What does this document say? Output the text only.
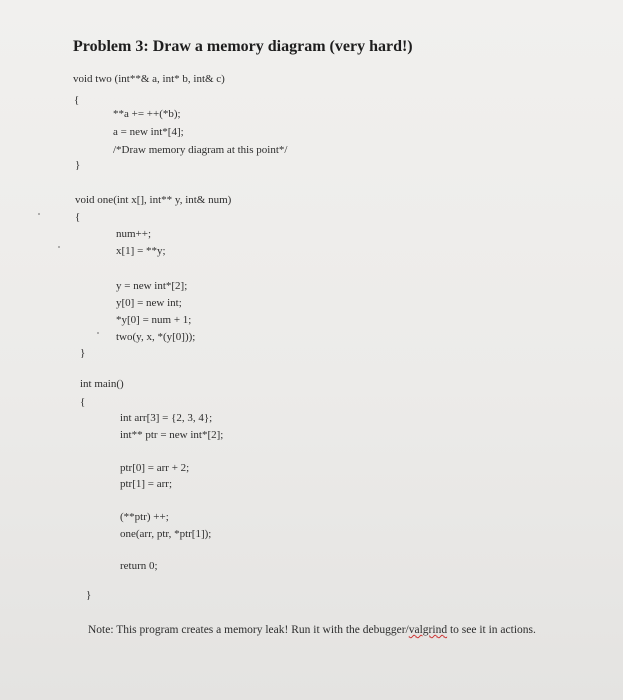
Problem 3: Draw a memory diagram (very hard!)
void two (int**& a, int* b, int& c)
{
**a += ++(*b);
a = new int*[4];
/*Draw memory diagram at this point*/
}
void one(int x[], int** y, int& num)
{
num++;
x[1] = **y;
y = new int*[2];
y[0] = new int;
*y[0] = num + 1;
two(y, x, *(y[0]));
}
int main()
{
int arr[3] = {2, 3, 4};
int** ptr = new int*[2];
ptr[0] = arr + 2;
ptr[1] = arr;
(**ptr) ++;
one(arr, ptr, *ptr[1]);
return 0;
}
Note: This program creates a memory leak! Run it with the debugger/valgrind to see it in actions.
